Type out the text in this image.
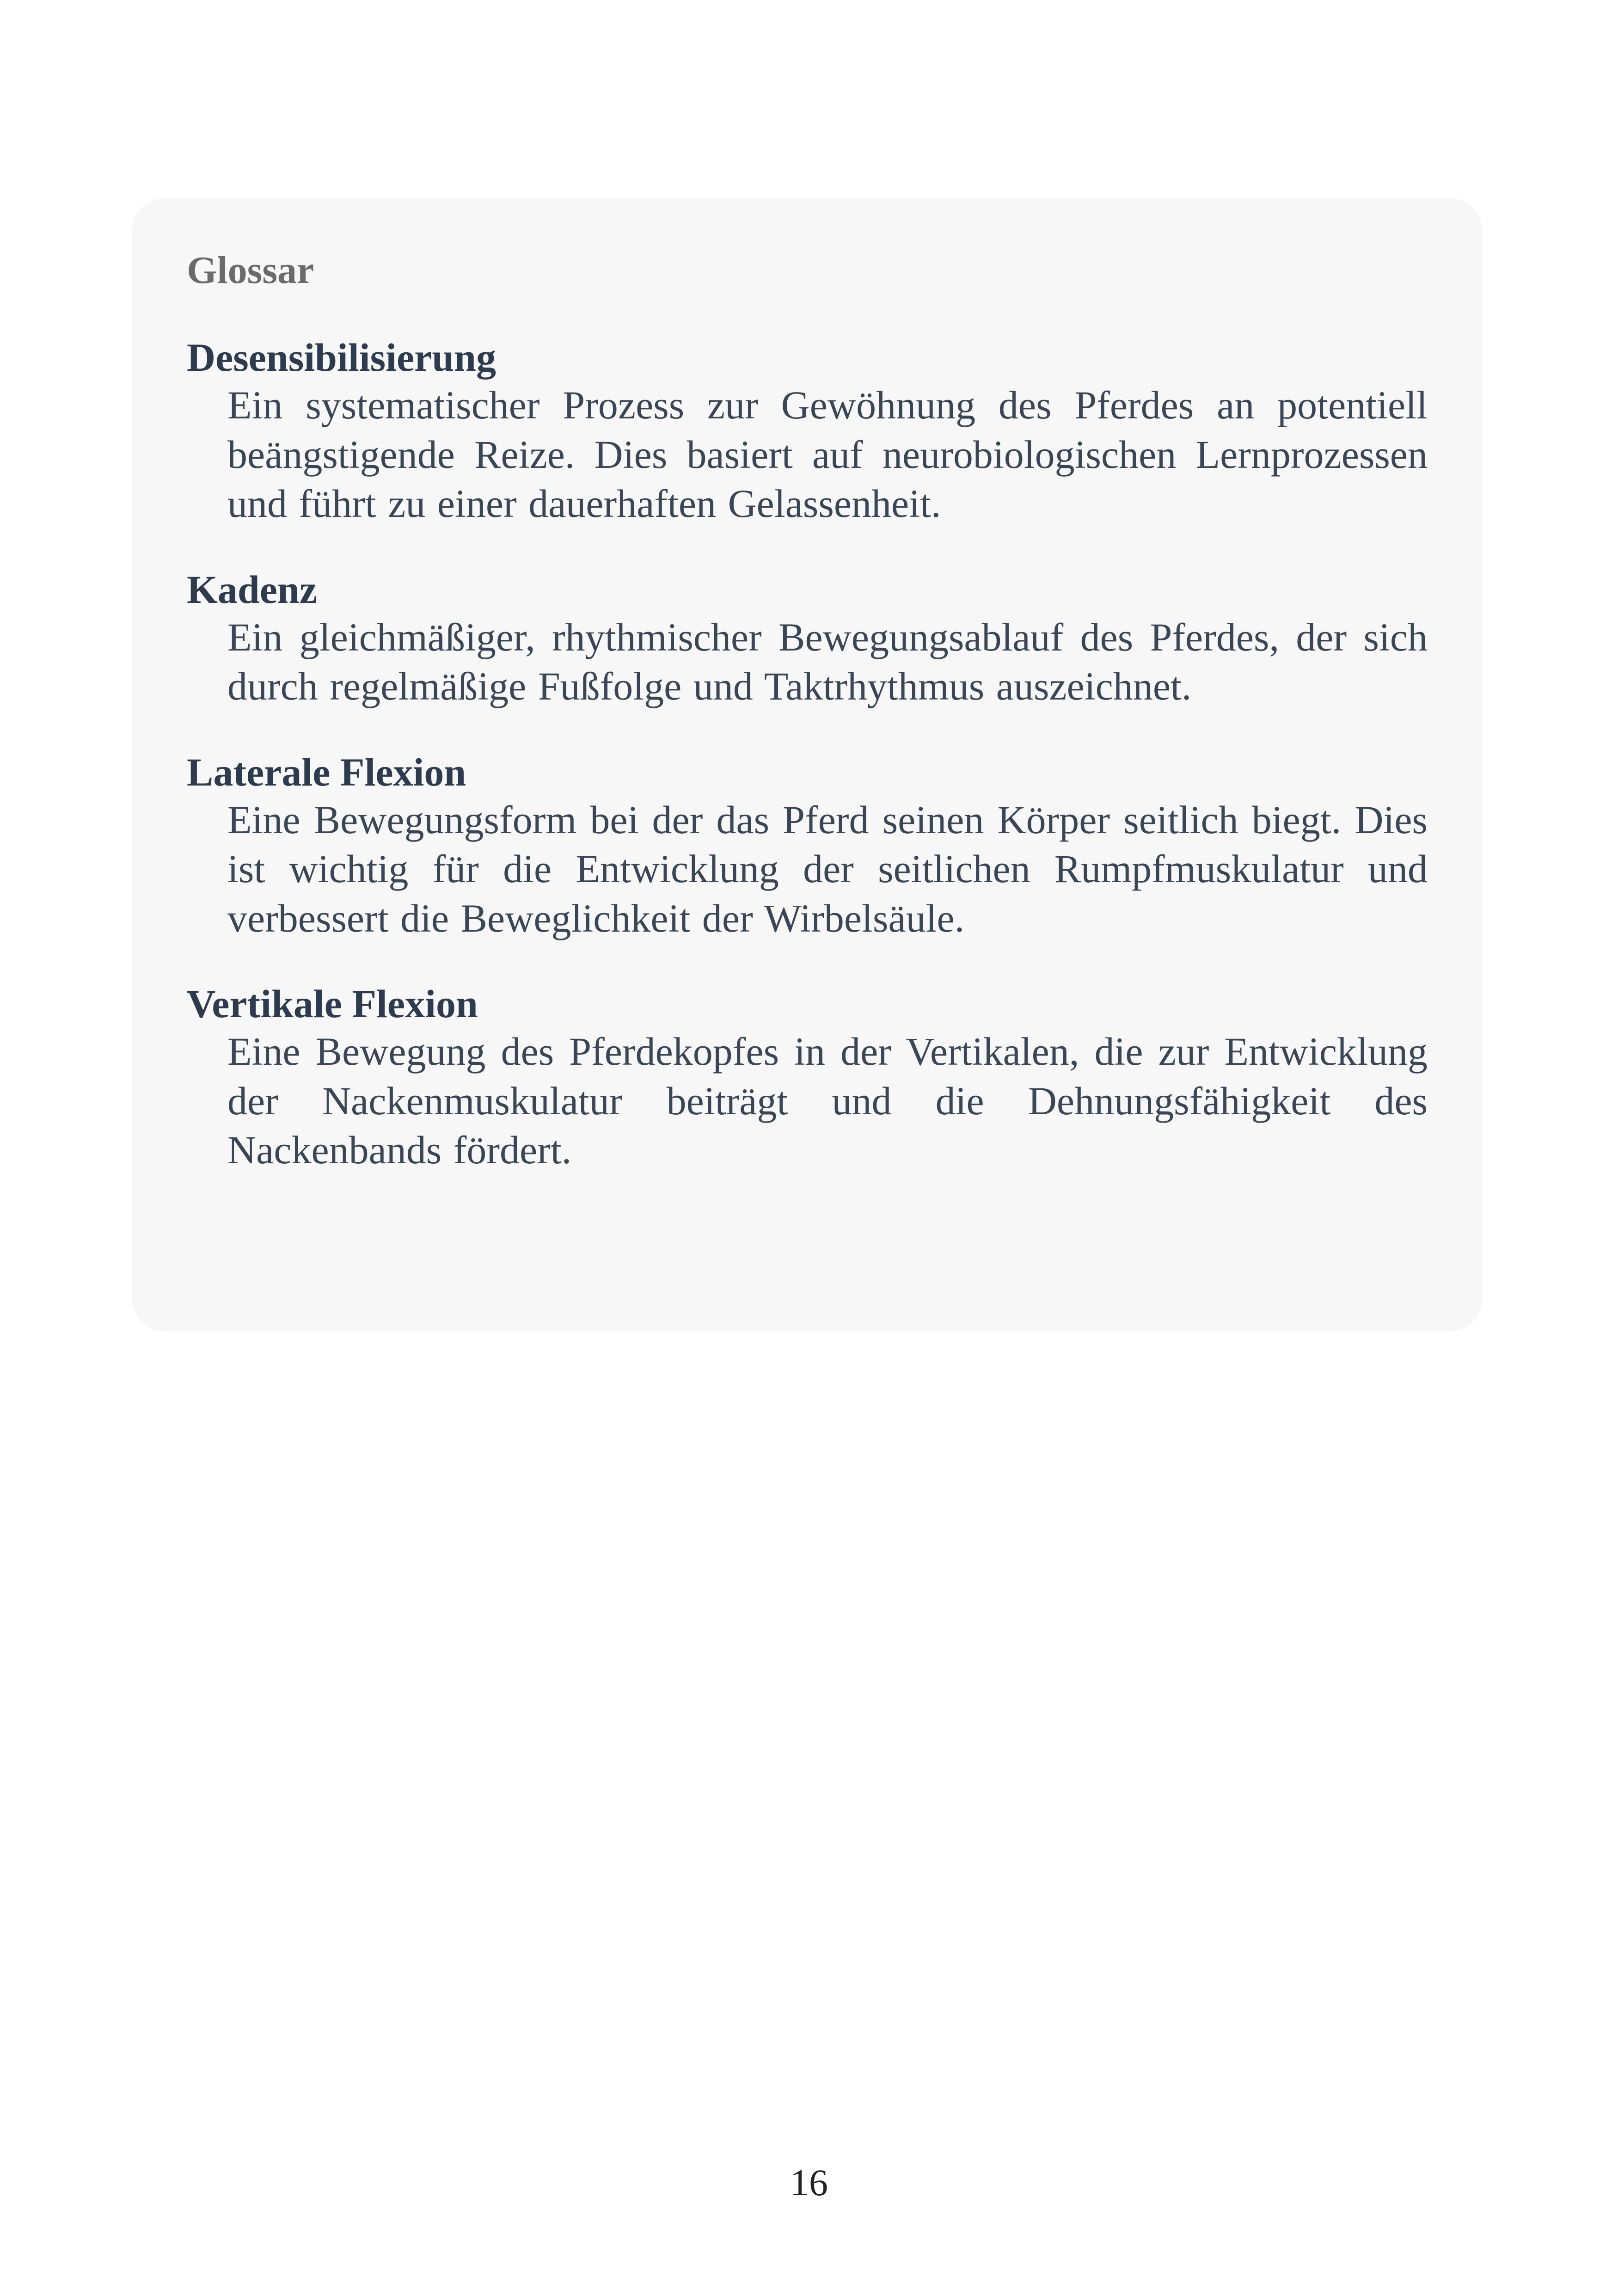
Glossar
Desensibilisierung
Ein systematischer Prozess zur Gewöhnung des Pferdes an potentiell beängstigende Reize. Dies basiert auf neurobiologischen Lernprozessen und führt zu einer dauerhaften Gelassenheit.
Kadenz
Ein gleichmäßiger, rhythmischer Bewegungsablauf des Pferdes, der sich durch regelmäßige Fußfolge und Taktrhythmus auszeichnet.
Laterale Flexion
Eine Bewegungsform bei der das Pferd seinen Körper seitlich biegt. Dies ist wichtig für die Entwicklung der seitlichen Rumpfmuskulatur und verbessert die Beweglichkeit der Wirbelsäule.
Vertikale Flexion
Eine Bewegung des Pferdekopfes in der Vertikalen, die zur Entwicklung der Nackenmuskulatur beiträgt und die Dehnungsfähigkeit des Nackenbands fördert.
16
